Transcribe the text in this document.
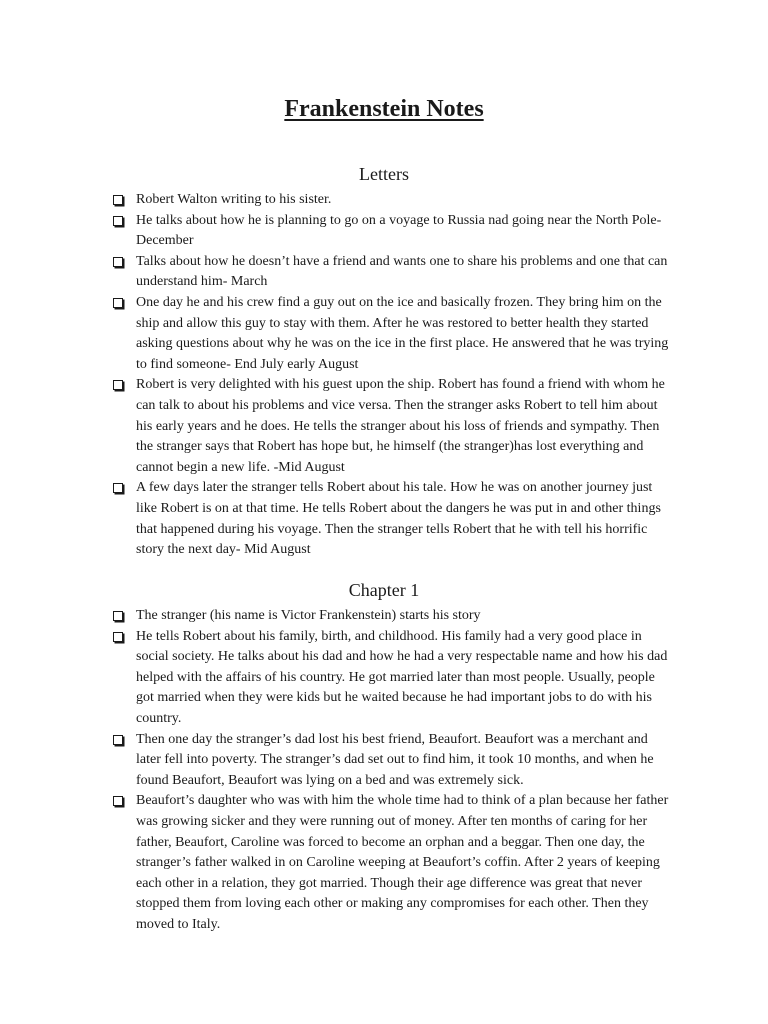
Frankenstein Notes
Letters
Robert Walton writing to his sister.
He talks about how he is planning to go on a voyage to Russia nad going near the North Pole- December
Talks about how he doesn’t have a friend and wants one to share his problems and one that can understand him- March
One day he and his crew find a guy out on the ice and basically frozen. They bring him on the ship and allow this guy to stay with them. After he was restored to better health they started asking questions about why he was on the ice in the first place. He answered that he was trying to find someone- End July early August
Robert is very delighted with his guest upon the ship. Robert has found a friend with whom he can talk to about his problems and vice versa. Then the stranger asks Robert to tell him about his early years and he does. He tells the stranger about his loss of friends and sympathy. Then the stranger says that Robert has hope but, he himself (the stranger)has lost everything and cannot begin a new life. -Mid August
A few days later the stranger tells Robert about his tale. How he was on another journey just like Robert is on at that time. He tells Robert about the dangers he was put in and other things that happened during his voyage. Then the stranger tells Robert that he with tell his horrific story the next day- Mid August
Chapter 1
The stranger (his name is Victor Frankenstein) starts his story
He tells Robert about his family, birth, and childhood. His family had a very good place in social society. He talks about his dad and how he had a very respectable name and how his dad helped with the affairs of his country. He got married later than most people. Usually, people got married when they were kids but he waited because he had important jobs to do with his country.
Then one day the stranger’s dad lost his best friend, Beaufort. Beaufort was a merchant and later fell into poverty. The stranger’s dad set out to find him, it took 10 months, and when he found Beaufort, Beaufort was lying on a bed and was extremely sick.
Beaufort’s daughter who was with him the whole time had to think of a plan because her father was growing sicker and they were running out of money. After ten months of caring for her father, Beaufort, Caroline was forced to become an orphan and a beggar. Then one day, the stranger’s father walked in on Caroline weeping at Beaufort’s coffin. After 2 years of keeping each other in a relation, they got married. Though their age difference was great that never stopped them from loving each other or making any compromises for each other. Then they moved to Italy.
